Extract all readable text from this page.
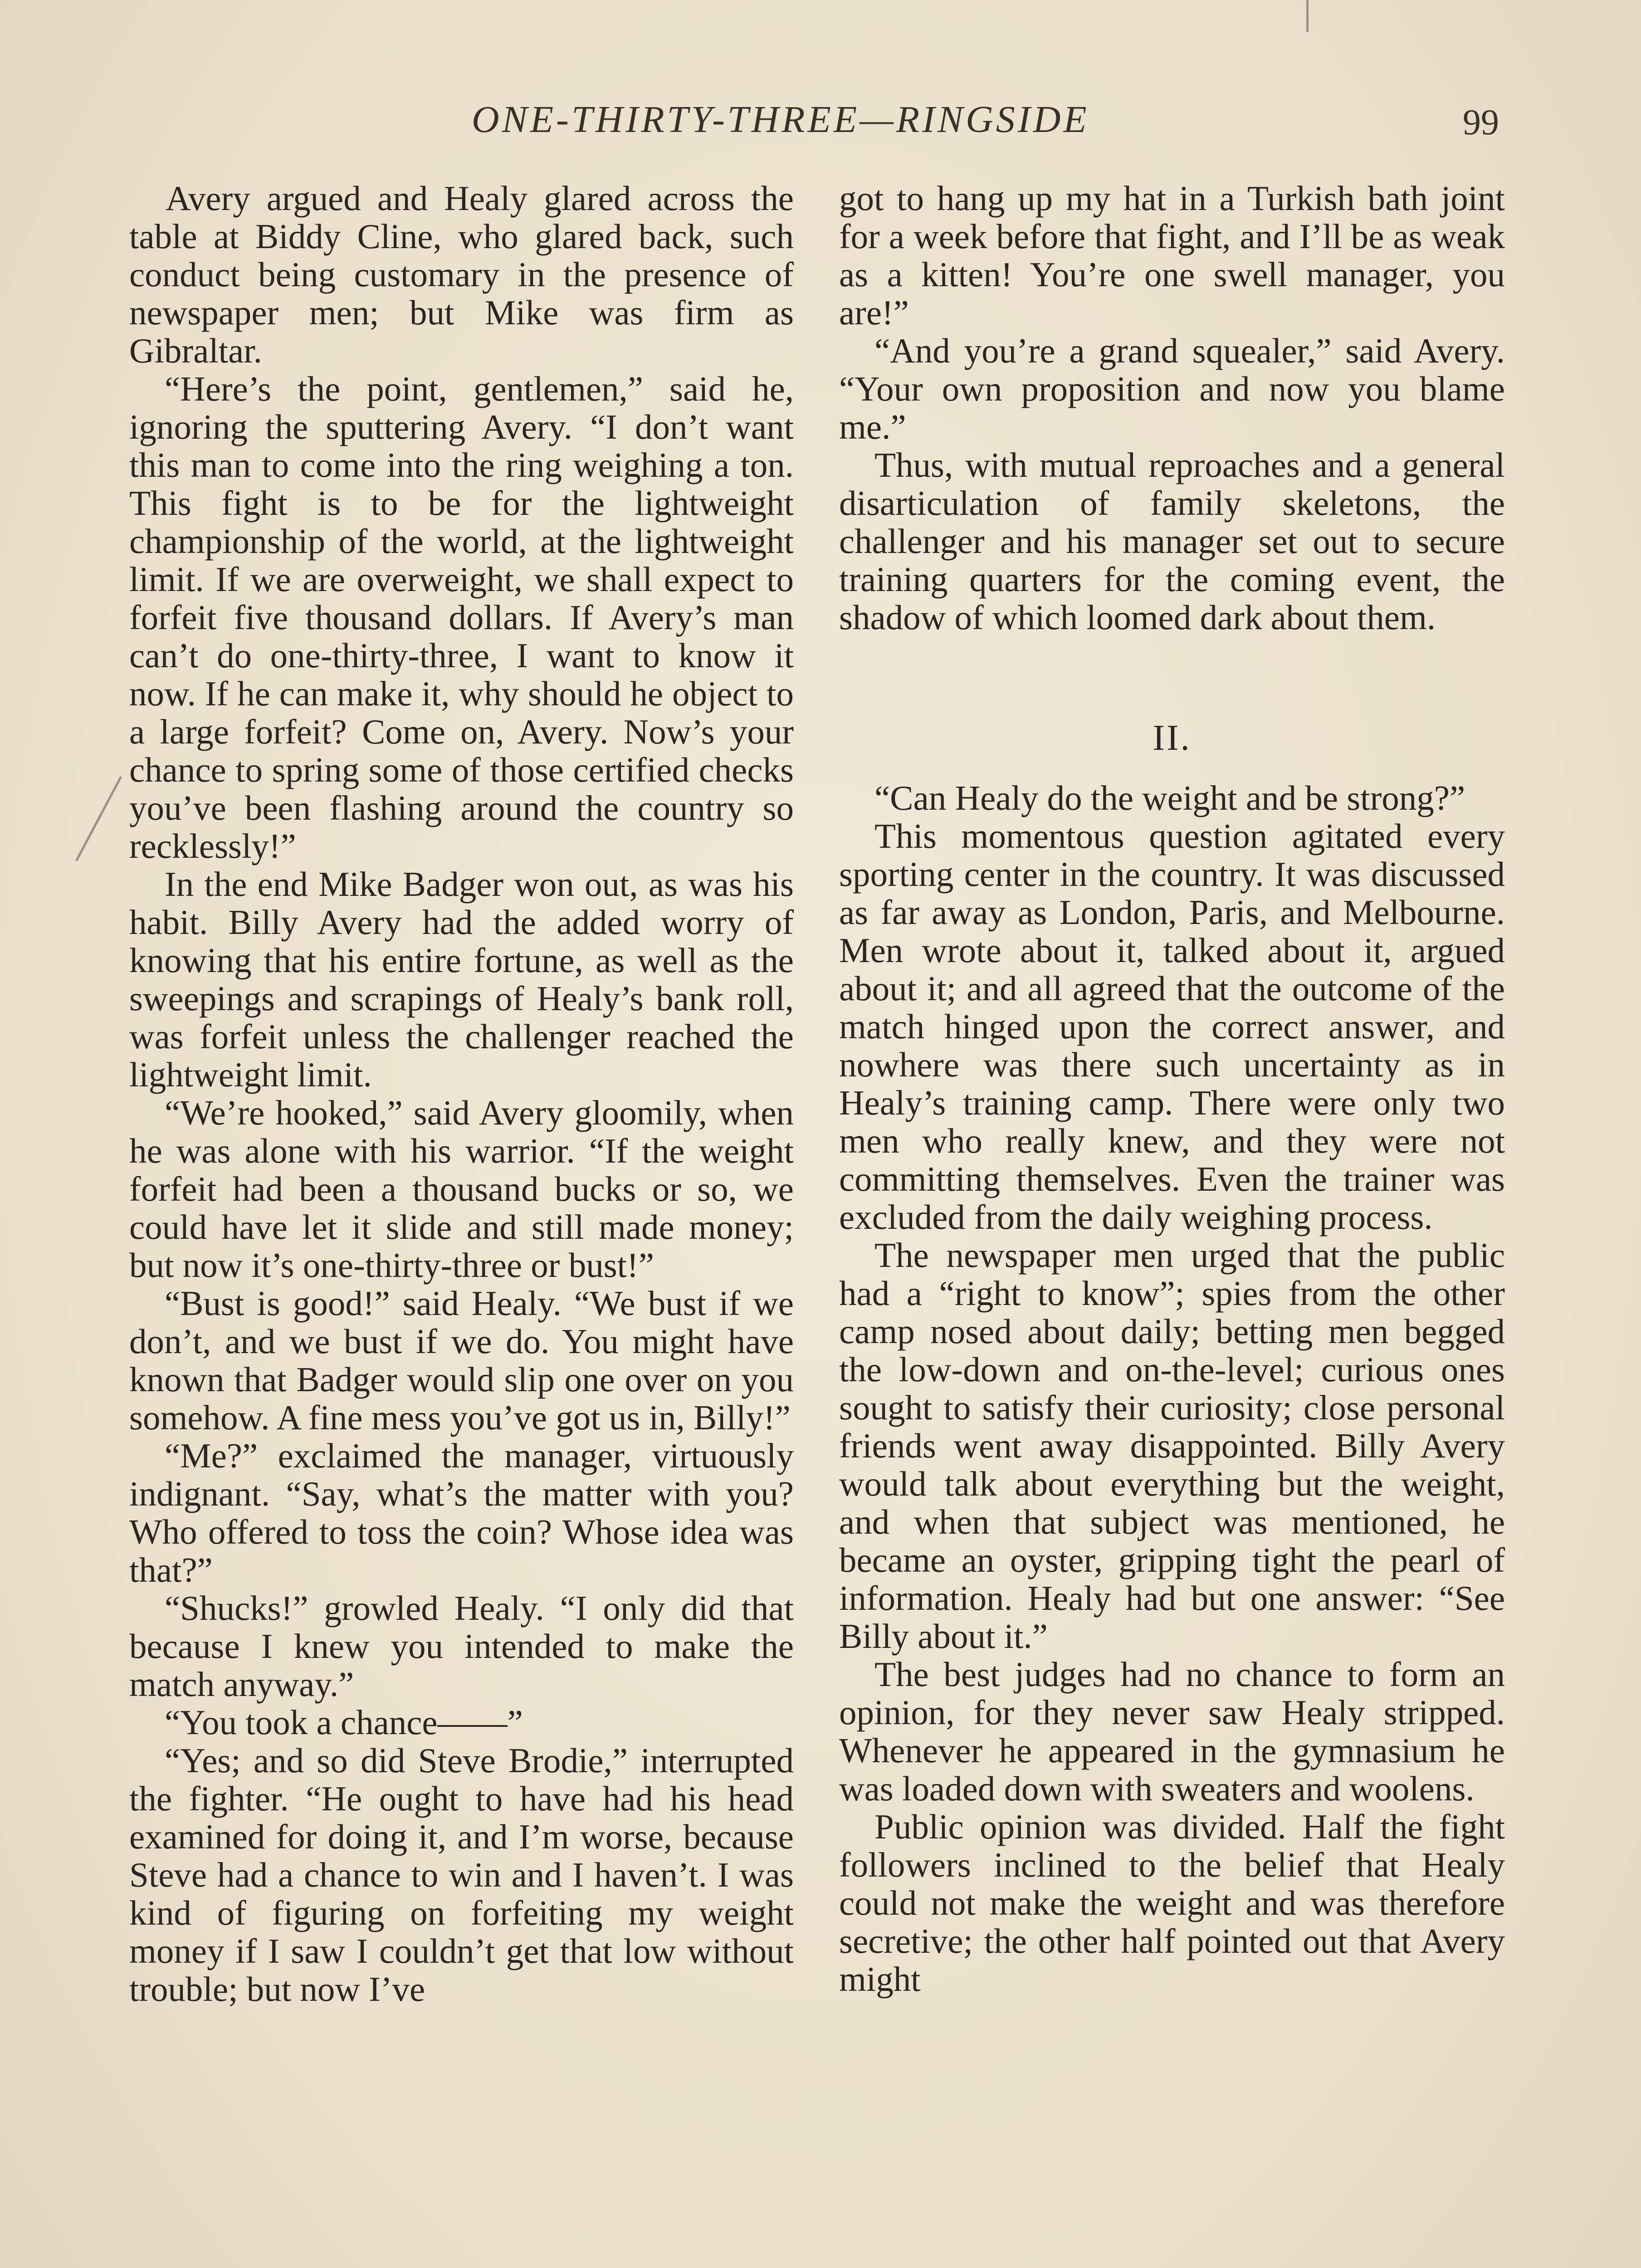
ONE-THIRTY-THREE—RINGSIDE	99

Avery argued and Healy glared across the table at Biddy Cline, who glared back, such conduct being customary in the presence of newspaper men; but Mike was firm as Gibraltar.

“Here’s the point, gentlemen,” said he, ignoring the sputtering Avery. “I don’t want this man to come into the ring weighing a ton. This fight is to be for the lightweight championship of the world, at the lightweight limit. If we are overweight, we shall expect to forfeit five thousand dollars. If Avery’s man can’t do one-thirty-three, I want to know it now. If he can make it, why should he object to a large forfeit? Come on, Avery. Now’s your chance to spring some of those certified checks you’ve been flashing around the country so recklessly!”

In the end Mike Badger won out, as was his habit. Billy Avery had the added worry of knowing that his entire fortune, as well as the sweepings and scrapings of Healy’s bank roll, was forfeit unless the challenger reached the lightweight limit.

“We’re hooked,” said Avery gloomily, when he was alone with his warrior. “If the weight forfeit had been a thousand bucks or so, we could have let it slide and still made money; but now it’s one-thirty-three or bust!”

“Bust is good!” said Healy. “We bust if we don’t, and we bust if we do. You might have known that Badger would slip one over on you somehow. A fine mess you’ve got us in, Billy!”

“Me?” exclaimed the manager, virtuously indignant. “Say, what’s the matter with you? Who offered to toss the coin? Whose idea was that?”

“Shucks!” growled Healy. “I only did that because I knew you intended to make the match anyway.”

“You took a chance——”

“Yes; and so did Steve Brodie,” interrupted the fighter. “He ought to have had his head examined for doing it, and I’m worse, because Steve had a chance to win and I haven’t. I was kind of figuring on forfeiting my weight money if I saw I couldn’t get that low without trouble; but now I’ve

got to hang up my hat in a Turkish bath joint for a week before that fight, and I’ll be as weak as a kitten! You’re one swell manager, you are!”

“And you’re a grand squealer,” said Avery. “Your own proposition and now you blame me.”

Thus, with mutual reproaches and a general disarticulation of family skeletons, the challenger and his manager set out to secure training quarters for the coming event, the shadow of which loomed dark about them.

II.

“Can Healy do the weight and be strong?”

This momentous question agitated every sporting center in the country. It was discussed as far away as London, Paris, and Melbourne. Men wrote about it, talked about it, argued about it; and all agreed that the outcome of the match hinged upon the correct answer, and nowhere was there such uncertainty as in Healy’s training camp. There were only two men who really knew, and they were not committing themselves. Even the trainer was excluded from the daily weighing process.

The newspaper men urged that the public had a “right to know”; spies from the other camp nosed about daily; betting men begged the low-down and on-the-level; curious ones sought to satisfy their curiosity; close personal friends went away disappointed. Billy Avery would talk about everything but the weight, and when that subject was mentioned, he became an oyster, gripping tight the pearl of information. Healy had but one answer: “See Billy about it.”

The best judges had no chance to form an opinion, for they never saw Healy stripped. Whenever he appeared in the gymnasium he was loaded down with sweaters and woolens.

Public opinion was divided. Half the fight followers inclined to the belief that Healy could not make the weight and was therefore secretive; the other half pointed out that Avery might
